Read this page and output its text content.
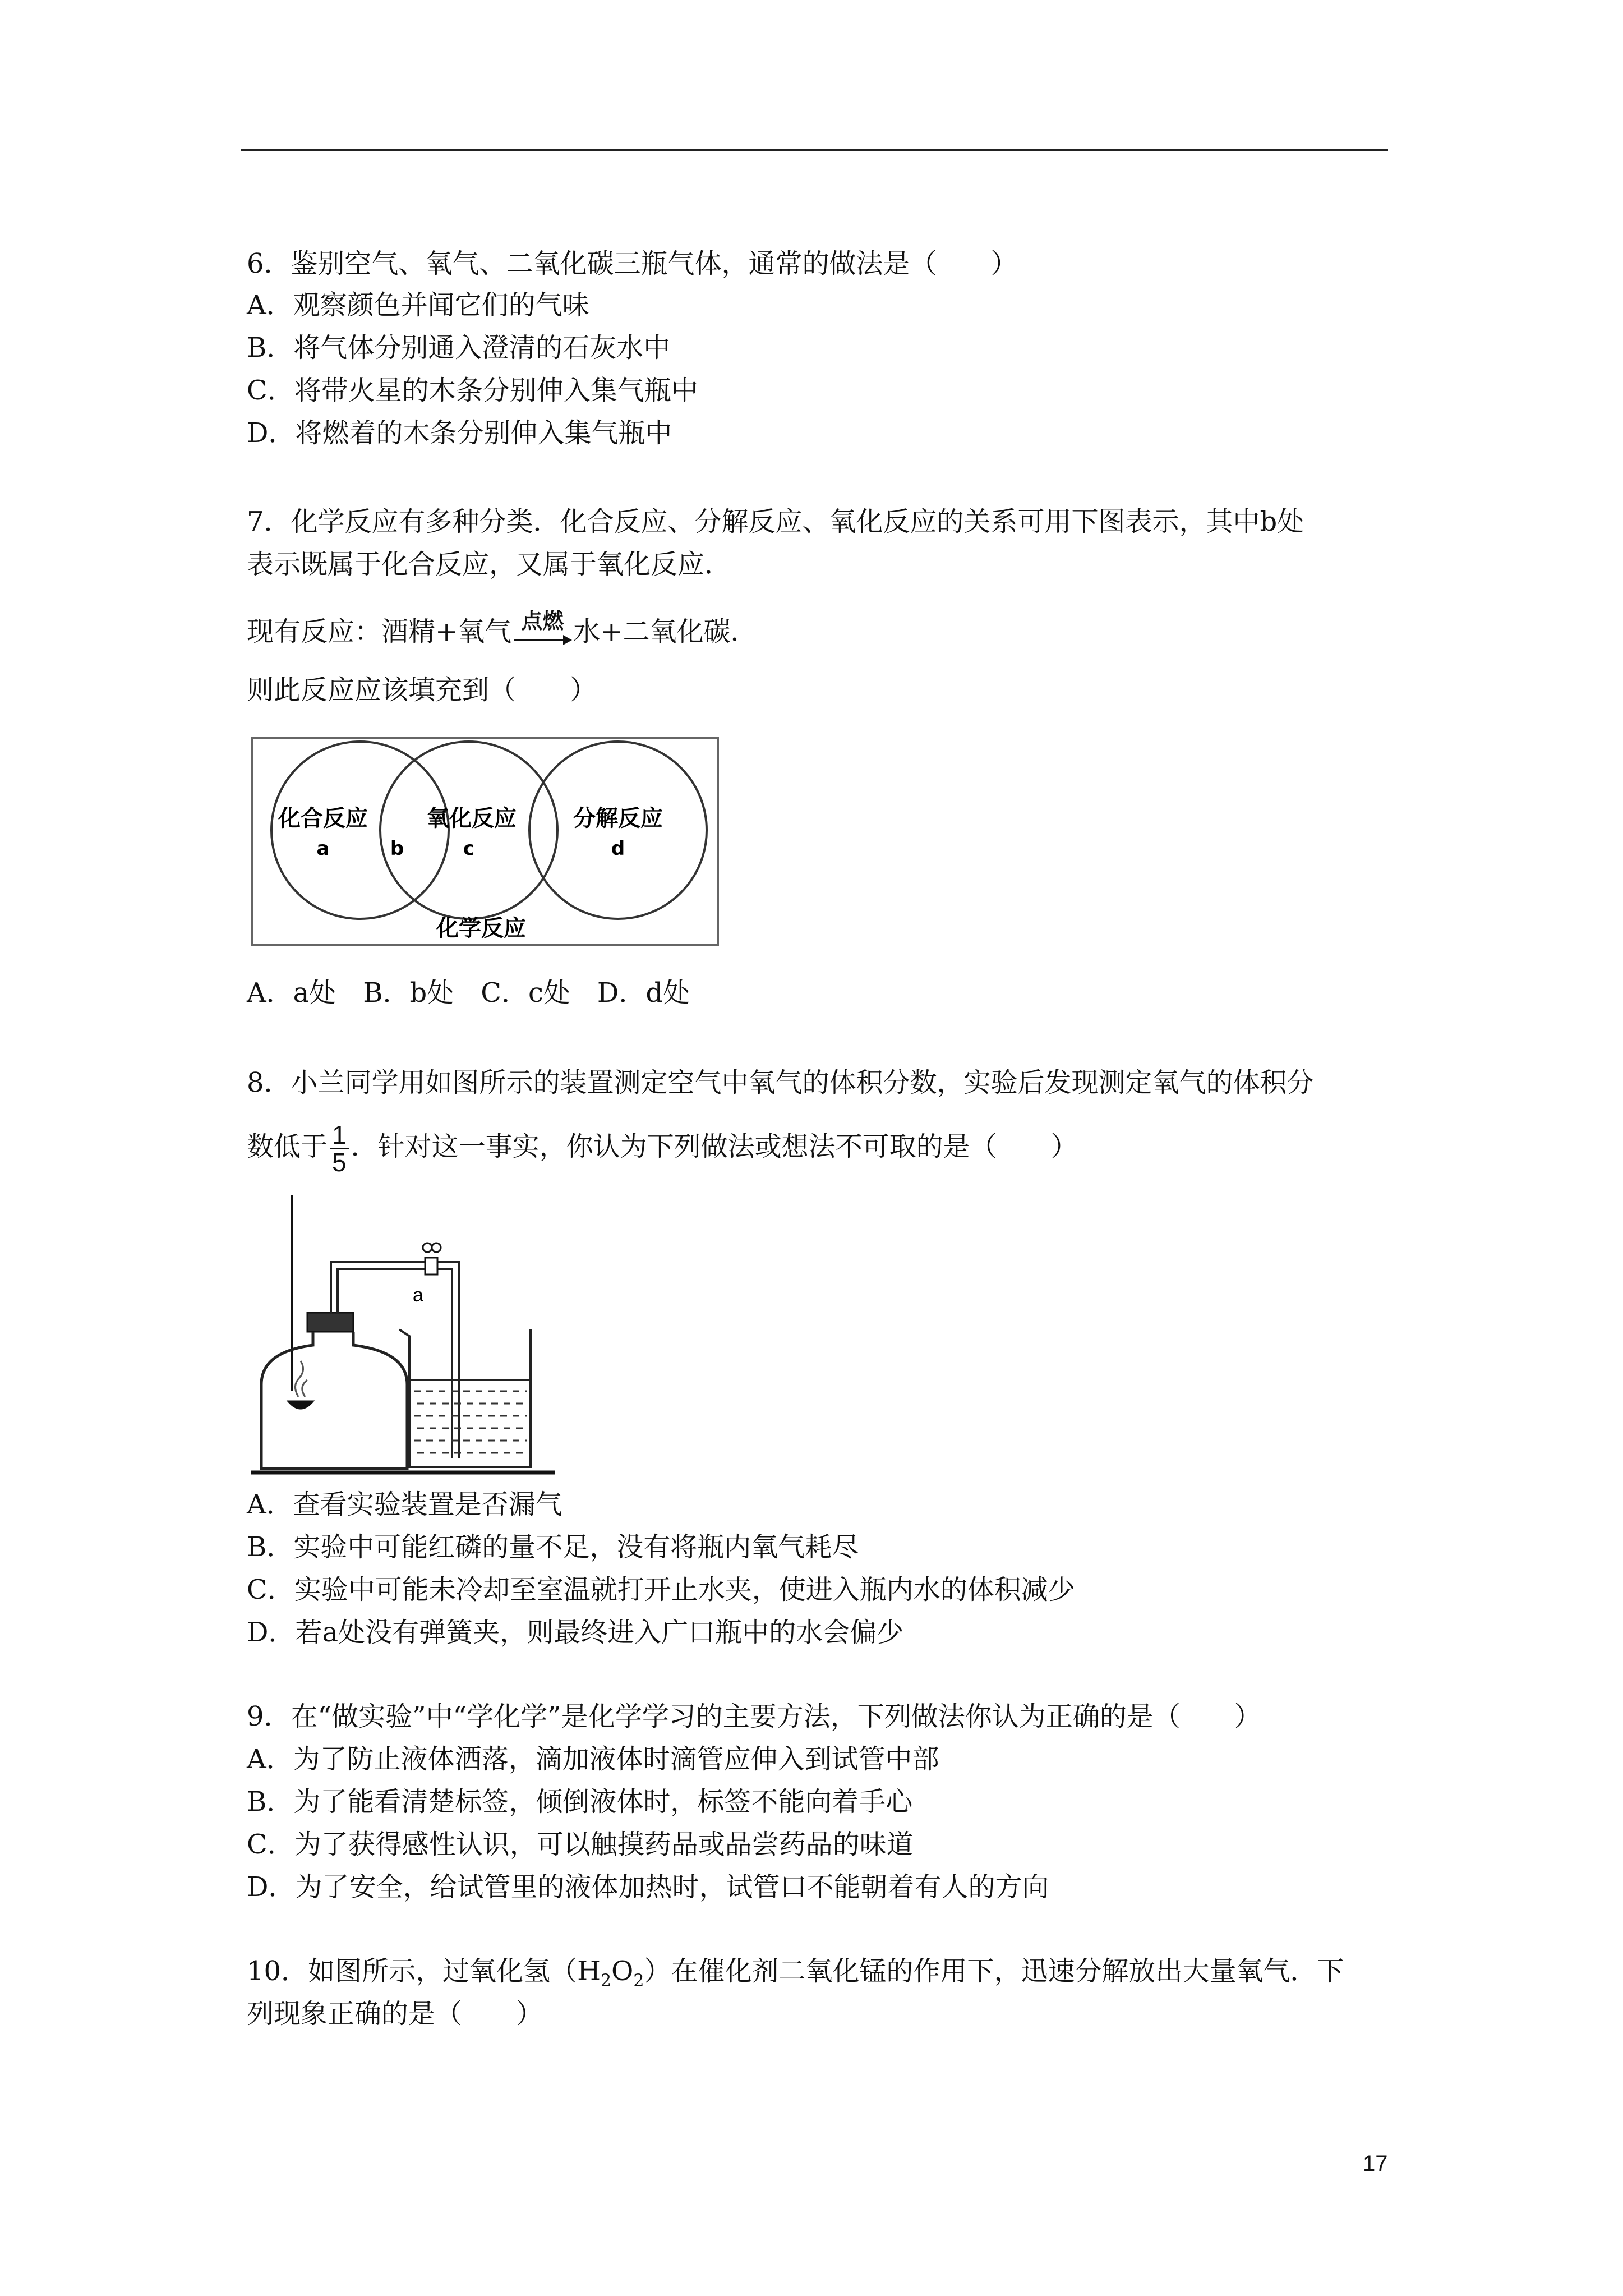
6．鉴别空气、氧气、二氧化碳三瓶气体，通常的做法是（　　）
A．观察颜色并闻它们的气味
B．将气体分别通入澄清的石灰水中
C．将带火星的木条分别伸入集气瓶中
D．将燃着的木条分别伸入集气瓶中
7．化学反应有多种分类．化合反应、分解反应、氧化反应的关系可用下图表示，其中b处
表示既属于化合反应，又属于氧化反应．
现有反应：酒精+氧气 点燃 水+二氧化碳．
则此反应应该填充到（　　）
化合反应
a	b
氧化反应
c
分解反应
d
化学反应
A．a处　B．b处　C．c处　D．d处
8．小兰同学用如图所示的装置测定空气中氧气的体积分数，实验后发现测定氧气的体积分
数低于 $\frac{1}{5}$ ．针对这一事实，你认为下列做法或想法不可取的是（　　）
a
A．查看实验装置是否漏气
B．实验中可能红磷的量不足，没有将瓶内氧气耗尽
C．实验中可能未冷却至室温就打开止水夹，使进入瓶内水的体积减少
D．若a处没有弹簧夹，则最终进入广口瓶中的水会偏少
9．在“做实验”中“学化学”是化学学习的主要方法，下列做法你认为正确的是（　　）
A．为了防止液体洒落，滴加液体时滴管应伸入到试管中部
B．为了能看清楚标签，倾倒液体时，标签不能向着手心
C．为了获得感性认识，可以触摸药品或品尝药品的味道
D．为了安全，给试管里的液体加热时，试管口不能朝着有人的方向
10．如图所示，过氧化氢$(H_2O_2)$在催化剂二氧化锰的作用下，迅速分解放出大量氧气．下
列现象正确的是（　　）
17
